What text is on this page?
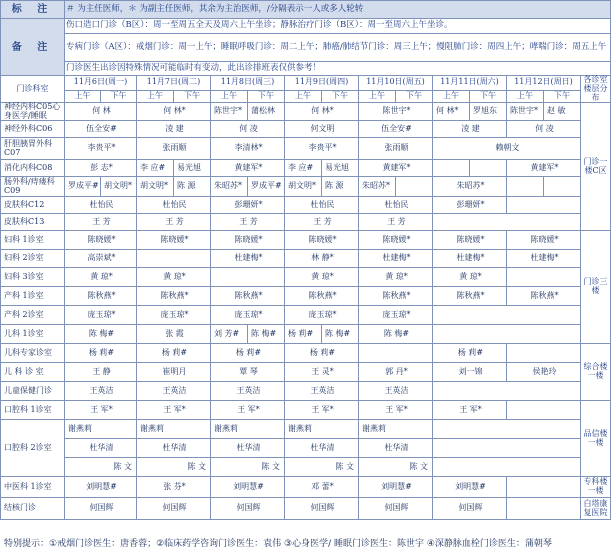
标 注	＃ 为主任医师，＊ 为副主任医师，其余为主治医师，/分隔表示一人或多人轮转														
备 注	伤口造口门诊（B区）：周一至周五全天及周六上午坐诊；静脉治疗门诊（B区）：周一至周六上午坐诊。														
	专病门诊（A区）：戒烟门诊：周一上午；睡眠呼吸门诊：周二上午；肺癌/肺结节门诊：周三上午；慢阻肺门诊：周四上午；哮喘门诊：周五上午														
	门诊医生出诊因特殊情况可能临时有变动，此出诊排班表仅供参考！														
门诊科室	11月6日(周一)		11月7日(周二)		11月8日(周三)		11月9日(周四)		11月10日(周五)		11月11日(周六)		11月12日(周日)		各诊室楼层分布
	上午	下午	上午	下午	上午	下午	上午	下午	上午	下午	上午	下午	上午	下午	
神经内科C05心身医学/睡眠	何 林		何 林*		陈世宇*	蒲松林	何 林*		陈世宇*		何 林*	罗旭东	陈世宇*	赵 敏	门诊一楼C区
神经外科C06	伍全安#		凌 建		何 凌		何文明		伍全安#		凌 建		何 凌		
肝胆胰胃外科C07	李贵平*		张雨顺		李清林*		李贵平*		张雨顺		赖朝文				
消化内科C08	彭 志*		李 应#	易光旭	黄建军*		李 应#	易光旭	黄建军*				黄建军*		
肠外科/痔瘘科C09	罗成平#	胡文明*	胡文明*	陈 源	朱昭苏*	罗成平#	胡文明*	陈 源	朱昭苏*		朱昭苏*				
皮肤科C12	杜怡民		杜怡民		彭珊妍*		杜怡民		杜怡民		彭珊妍*				
皮肤科C13	王 芳		王 芳		王 芳		王 芳		王 芳						
妇科 1诊室	陈晓媛*		陈晓媛*		陈晓媛*		陈晓媛*		陈晓媛*		陈晓媛*		陈晓媛*		门诊三楼
妇科 2诊室	高崇斌*				杜建梅*		林 静*		杜建梅*		杜建梅*		杜建梅*		
妇科 3诊室	黄 琼*		黄 琼*				黄 琼*		黄 琼*		黄 琼*				
产科 1诊室	陈秋燕*		陈秋燕*		陈秋燕*		陈秋燕*		陈秋燕*		陈秋燕*		陈秋燕*		
产科 2诊室	庞玉琼*		庞玉琼*		庞玉琼*		庞玉琼*		庞玉琼*						
儿科 1诊室	陈 梅#		张 霞		刘 芳#	陈 梅#	杨 莉#	陈 梅#	陈 梅#						
儿科专家诊室	杨 莉#		杨 莉#		杨 莉#		杨 莉#				杨 莉#				综合楼一楼
儿 科 诊 室	王 静		崔明月		覃 琴		王 灵*		郭 丹*		刘一锦		侯艳玲		
儿童保健门诊	王英洁		王英洁		王英洁		王英洁		王英洁						
口腔科 1诊室	王 军*		王 军*		王 军*		王 军*		王 军*		王 军*				品信楼一楼
口腔科 2诊室	谢燕莉		谢燕莉		谢燕莉		谢燕莉		谢燕莉						
	杜华清		杜华清		杜华清		杜华清		杜华清						
	陈 文		陈 文		陈 文		陈 文		陈 文						
中医科 1诊室	刘明慧#		张 芬*		刘明慧#		邓 蕾*		刘明慧#		刘明慧#				专科楼一楼
结核门诊	何国辉		何国辉		何国辉		何国辉		何国辉		何国辉				白塔康复医院
特别提示：①戒烟门诊医生：唐香蓉；②临床药学咨询门诊医生：袁伟 ③心身医学/ 睡眠门诊医生：陈世宇 ④深静脉血栓门诊医生：蒲朝琴
